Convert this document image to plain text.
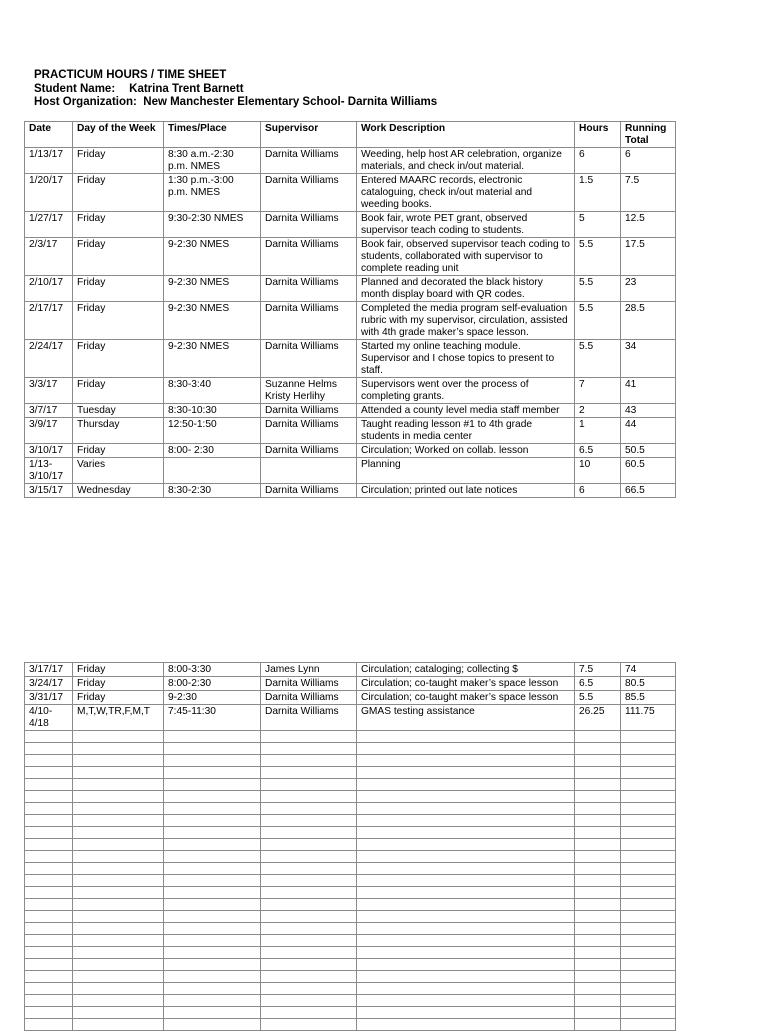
PRACTICUM HOURS / TIME SHEET
Student Name: Katrina Trent Barnett
Host Organization: New Manchester Elementary School- Darnita Williams
Date	Day of the Week	Times/Place	Supervisor	Work Description	Hours	Running Total
1/13/17	Friday	8:30 a.m.-2:30 p.m. NMES	Darnita Williams	Weeding, help host AR celebration, organize materials, and check in/out material.	6	6
1/20/17	Friday	1:30 p.m.-3:00 p.m. NMES	Darnita Williams	Entered MAARC records, electronic cataloguing, check in/out material and weeding books.	1.5	7.5
1/27/17	Friday	9:30-2:30 NMES	Darnita Williams	Book fair, wrote PET grant, observed supervisor teach coding to students.	5	12.5
2/3/17	Friday	9-2:30 NMES	Darnita Williams	Book fair, observed supervisor teach coding to students, collaborated with supervisor to complete reading unit	5.5	17.5
2/10/17	Friday	9-2:30 NMES	Darnita Williams	Planned and decorated the black history month display board with QR codes.	5.5	23
2/17/17	Friday	9-2:30 NMES	Darnita Williams	Completed the media program self-evaluation rubric with my supervisor, circulation, assisted with 4th grade maker’s space lesson.	5.5	28.5
2/24/17	Friday	9-2:30 NMES	Darnita Williams	Started my online teaching module. Supervisor and I chose topics to present to staff.	5.5	34
3/3/17	Friday	8:30-3:40	Suzanne Helms Kristy Herlihy	Supervisors went over the process of completing grants.	7	41
3/7/17	Tuesday	8:30-10:30	Darnita Williams	Attended a county level media staff member	2	43
3/9/17	Thursday	12:50-1:50	Darnita Williams	Taught reading lesson #1 to 4th grade students in media center	1	44
3/10/17	Friday	8:00- 2:30	Darnita Williams	Circulation; Worked on collab. lesson	6.5	50.5
1/13-3/10/17	Varies			Planning	10	60.5
3/15/17	Wednesday	8:30-2:30	Darnita Williams	Circulation; printed out late notices	6	66.5
3/17/17	Friday	8:00-3:30	James Lynn	Circulation; cataloging; collecting $	7.5	74
3/24/17	Friday	8:00-2:30	Darnita Williams	Circulation; co-taught maker’s space lesson	6.5	80.5
3/31/17	Friday	9-2:30	Darnita Williams	Circulation; co-taught maker’s space lesson	5.5	85.5
4/10-4/18	M,T,W,TR,F,M,T	7:45-11:30	Darnita Williams	GMAS testing assistance	26.25	111.75
